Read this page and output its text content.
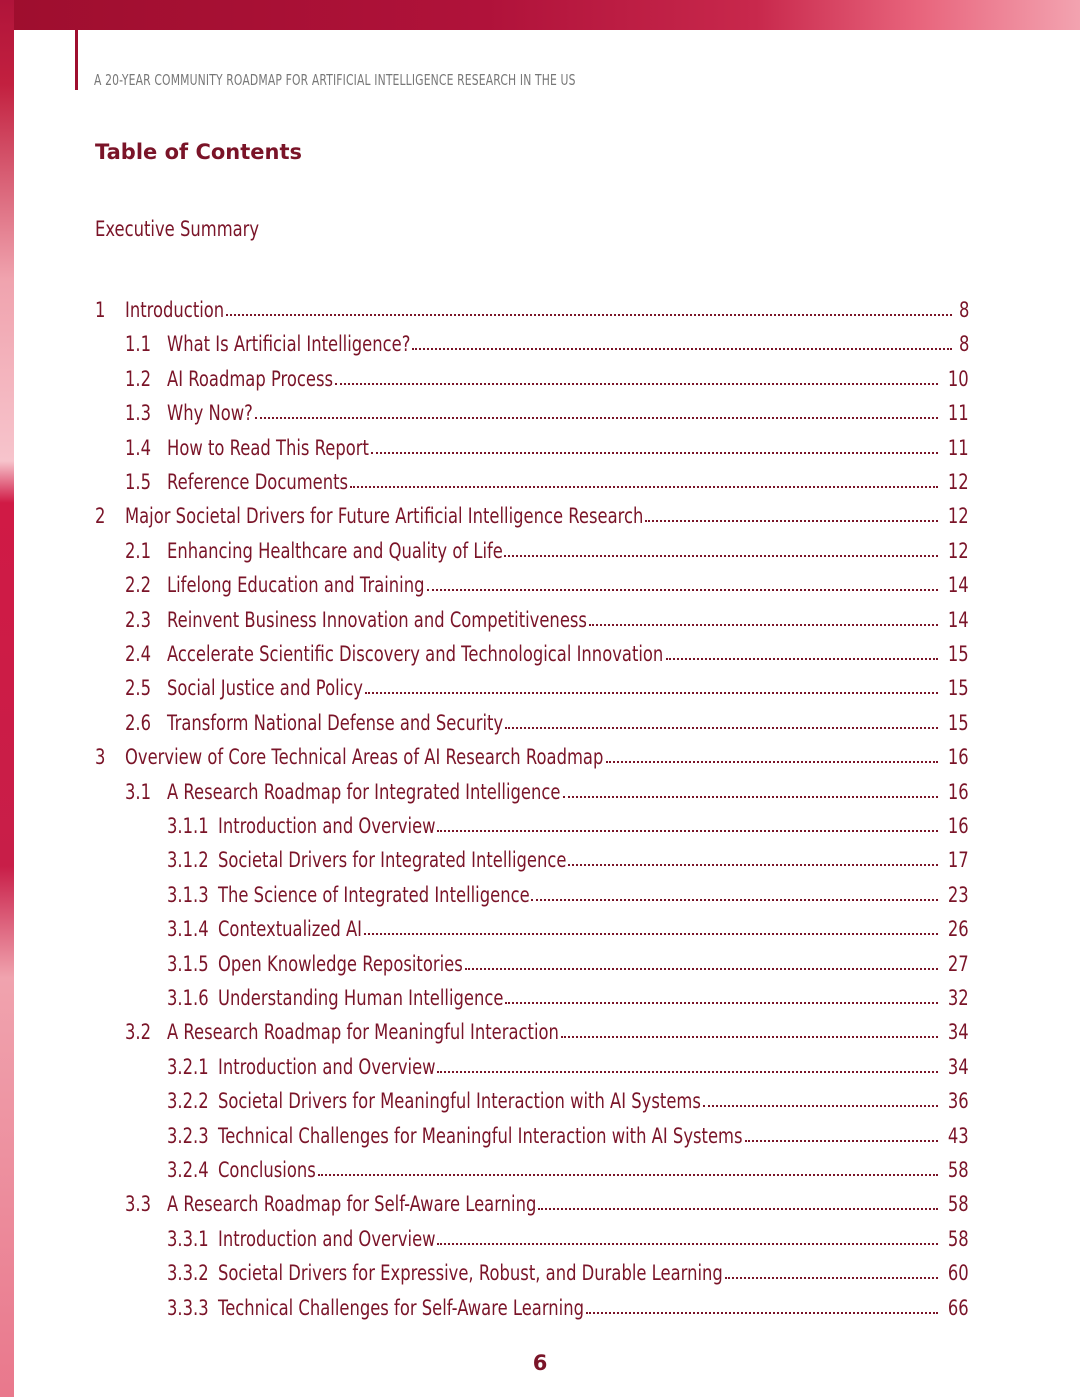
A 20-YEAR COMMUNITY ROADMAP FOR ARTIFICIAL INTELLIGENCE RESEARCH IN THE US
Table of Contents
Executive Summary
1 Introduction	8
1.1 What Is Artificial Intelligence?	8
1.2 AI Roadmap Process	10
1.3 Why Now?	11
1.4 How to Read This Report	11
1.5 Reference Documents	12
2 Major Societal Drivers for Future Artificial Intelligence Research	12
2.1 Enhancing Healthcare and Quality of Life	12
2.2 Lifelong Education and Training	14
2.3 Reinvent Business Innovation and Competitiveness	14
2.4 Accelerate Scientific Discovery and Technological Innovation	15
2.5 Social Justice and Policy	15
2.6 Transform National Defense and Security	15
3 Overview of Core Technical Areas of AI Research Roadmap	16
3.1 A Research Roadmap for Integrated Intelligence	16
3.1.1 Introduction and Overview	16
3.1.2 Societal Drivers for Integrated Intelligence	17
3.1.3 The Science of Integrated Intelligence	23
3.1.4 Contextualized AI	26
3.1.5 Open Knowledge Repositories	27
3.1.6 Understanding Human Intelligence	32
3.2 A Research Roadmap for Meaningful Interaction	34
3.2.1 Introduction and Overview	34
3.2.2 Societal Drivers for Meaningful Interaction with AI Systems	36
3.2.3 Technical Challenges for Meaningful Interaction with AI Systems	43
3.2.4 Conclusions	58
3.3 A Research Roadmap for Self-Aware Learning	58
3.3.1 Introduction and Overview	58
3.3.2 Societal Drivers for Expressive, Robust, and Durable Learning	60
3.3.3 Technical Challenges for Self-Aware Learning	66
6
